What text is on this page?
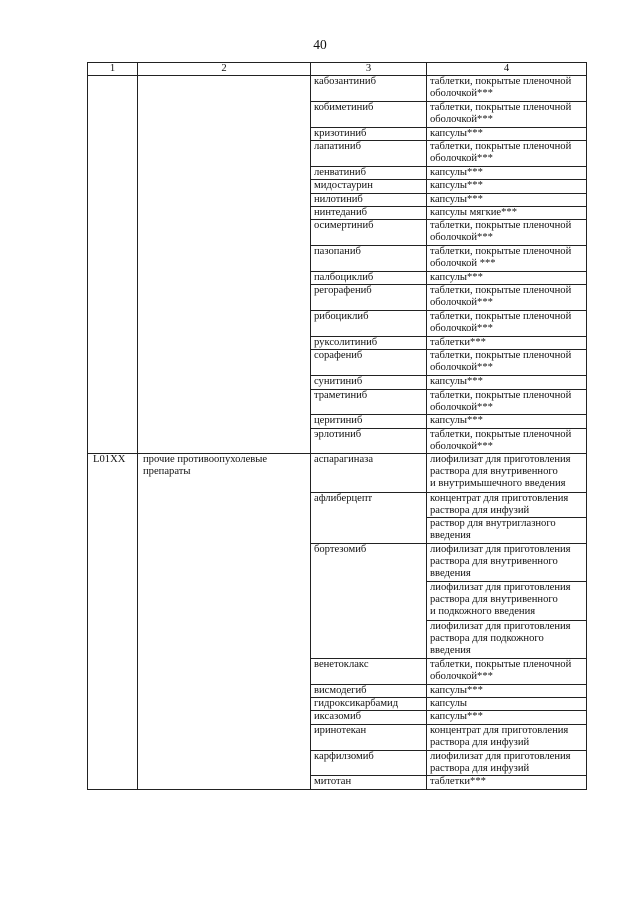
40
1	2	3	4
		кабозантиниб	таблетки, покрытые пленочной
оболочкой***
		кобиметиниб	таблетки, покрытые пленочной
оболочкой***
		кризотиниб	капсулы***
		лапатиниб	таблетки, покрытые пленочной
оболочкой***
		ленватиниб	капсулы***
		мидостаурин	капсулы***
		нилотиниб	капсулы***
		нинтеданиб	капсулы мягкие***
		осимертиниб	таблетки, покрытые пленочной
оболочкой***
		пазопаниб	таблетки, покрытые пленочной
оболочкой ***
		палбоциклиб	капсулы***
		регорафениб	таблетки, покрытые пленочной
оболочкой***
		рибоциклиб	таблетки, покрытые пленочной
оболочкой***
		руксолитиниб	таблетки***
		сорафениб	таблетки, покрытые пленочной
оболочкой***
		сунитиниб	капсулы***
		траметиниб	таблетки, покрытые пленочной
оболочкой***
		церитиниб	капсулы***
		эрлотиниб	таблетки, покрытые пленочной
оболочкой***
L01XX	прочие противоопухолевые
препараты	аспарагиназа	лиофилизат для приготовления
раствора для внутривенного
и внутримышечного введения
		афлиберцепт	концентрат для приготовления
раствора для инфузий
			раствор для внутриглазного
введения
		бортезомиб	лиофилизат для приготовления
раствора для внутривенного
введения
			лиофилизат для приготовления
раствора для внутривенного
и подкожного введения
			лиофилизат для приготовления
раствора для подкожного
введения
		венетоклакс	таблетки, покрытые пленочной
оболочкой***
		висмодегиб	капсулы***
		гидроксикарбамид	капсулы
		иксазомиб	капсулы***
		иринотекан	концентрат для приготовления
раствора для инфузий
		карфилзомиб	лиофилизат для приготовления
раствора для инфузий
		митотан	таблетки***
